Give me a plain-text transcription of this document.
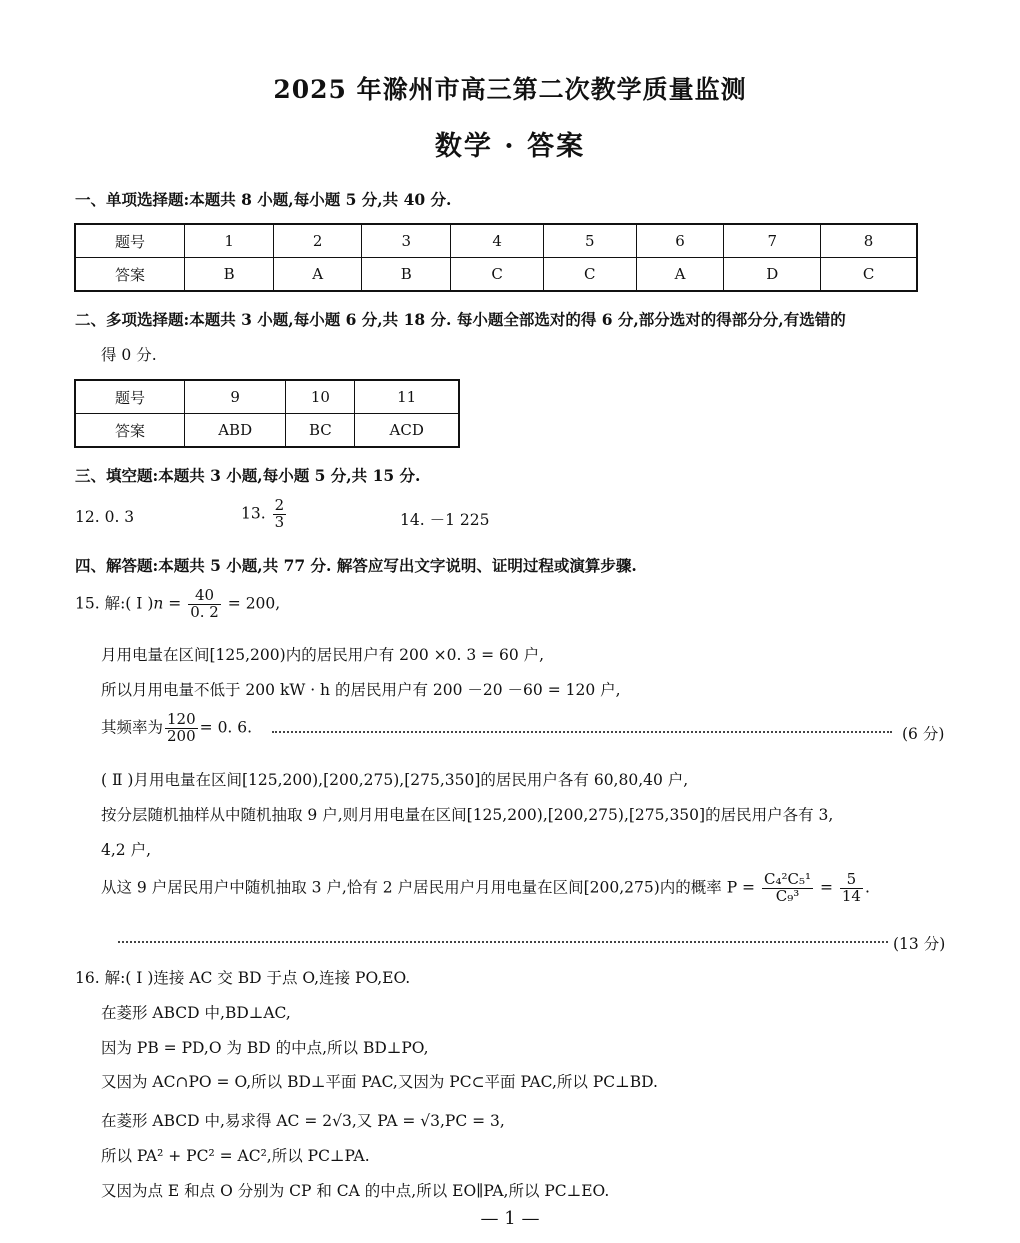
2025 年滁州市高三第二次教学质量监测
数学 · 答案
一、单项选择题:本题共 8 小题,每小题 5 分,共 40 分.
题号	1	2	3	4	5	6	7	8
答案	B	A	B	C	C	A	D	C
二、多项选择题:本题共 3 小题,每小题 6 分,共 18 分. 每小题全部选对的得 6 分,部分选对的得部分分,有选错的
得 0 分.
题号	9	10	11
答案	ABD	BC	ACD
三、填空题:本题共 3 小题,每小题 5 分,共 15 分.
12. 0. 3	13. $\frac{2}{3}$	14. －1 225
四、解答题:本题共 5 小题,共 77 分. 解答应写出文字说明、证明过程或演算步骤.
15. 解:( Ⅰ )$n = \frac{40}{0. 2} = 200$,
月用电量在区间[125,200)内的居民用户有 200 ×0. 3 = 60 户,
所以月用电量不低于 200 kW · h 的居民用户有 200 －20 －60 = 120 户,
其频率为 $\frac{120}{200} = 0$. 6.	(6 分)
( Ⅱ )月用电量在区间[125,200),[200,275),[275,350]的居民用户各有 60,80,40 户,
按分层随机抽样从中随机抽取 9 户,则月用电量在区间[125,200),[200,275),[275,350]的居民用户各有 3,
4,2 户,
从这 9 户居民用户中随机抽取 3 户,恰有 2 户居民用户月用电量在区间[200,275)内的概率 $P = \frac{\text{C₄²C₅¹}}{\text{C₉³}} = \frac{5}{14}$ .
(13 分)
16. 解:( Ⅰ )连接 AC 交 BD 于点 O,连接 PO,EO.
在菱形 ABCD 中,BD⊥AC,
因为 PB = PD,O 为 BD 的中点,所以 BD⊥PO,
又因为 AC∩PO = O,所以 BD⊥平面 PAC,又因为 PC⊂平面 PAC,所以 PC⊥BD.
在菱形 ABCD 中,易求得 AC = 2√3,又 PA = √3,PC = 3,
所以 PA² + PC² = AC²,所以 PC⊥PA.
又因为点 E 和点 O 分别为 CP 和 CA 的中点,所以 EO∥PA,所以 PC⊥EO.
— 1 —
